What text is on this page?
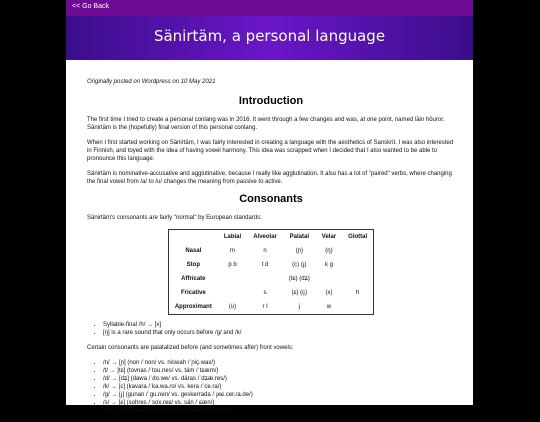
<< Go Back
Sänirtäm, a personal language

Originally posted on Wordpress on 10 May 2021

Introduction

The first time I tried to create a personal conlang was in 2016. It went through a few changes and was, at one point, named lāin hōuror. Sänirtäm is the (hopefully) final version of this personal conlang.

When I first started working on Sänirtäm, I was fairly interested in creating a language with the aesthetics of Sanskrit. I was also interested in Finnish, and toyed with the idea of having vowel harmony. This idea was scrapped when I decided that I also wanted to be able to pronounce this language.

Sänirtäm is nominative-accusative and agglutinative, because I really like agglutination. It also has a lot of "paired" verbs, where changing the final vowel from /a/ to /u/ changes the meaning from passive to active.

Consonants

Sänirtäm's consonants are fairly "normal" by European standards:

	Labial	Alveolar	Palatal	Velar	Glottal
Nasal	m	n	(ɲ)	(ŋ)	
Stop	p b	t d	(c) (ɟ)	k g	
Affricate			(tɕ) (dʑ)		
Fricative		s	(ɕ) (ç)	(x)	h
Approximant	(ʋ)	r l	j	w	
• Syllable-final /h/ → [x]
• [ŋ] is a rare sound that only occurs before /g/ and /k/

Certain consonants are palatalized before (and sometimes after) front vowels:

• /n/ → [ɲ] (non /ˈnon/ vs. niswah /ˈɲiç.wax/)
• /t/ → [tɕ] (tovnas /ˈtou.nes/ vs. täm /ˈtɕæm/)
• /d/ → [dʑ] (dawa /ˈdo.we/ vs. däras /ˈdʑæ.res/)
• /k/ → [c] (kavara /ˈka.wa.ɾo/ vs. kera /ˈce.ra/)
• /g/ → [ɟ] (gunan /ˈgu.nen/ vs. geskerrada /ˈɟeɕ.cer.ɾa.de/)
• /s/ → [ɕ] (sohres /ˈsox.reɕ/ vs. sän /ˈɕæn/)
• /h/ → [ç] (hanem /ˈho.nem/ vs. hinnas /ˈçin.ɲes/)
